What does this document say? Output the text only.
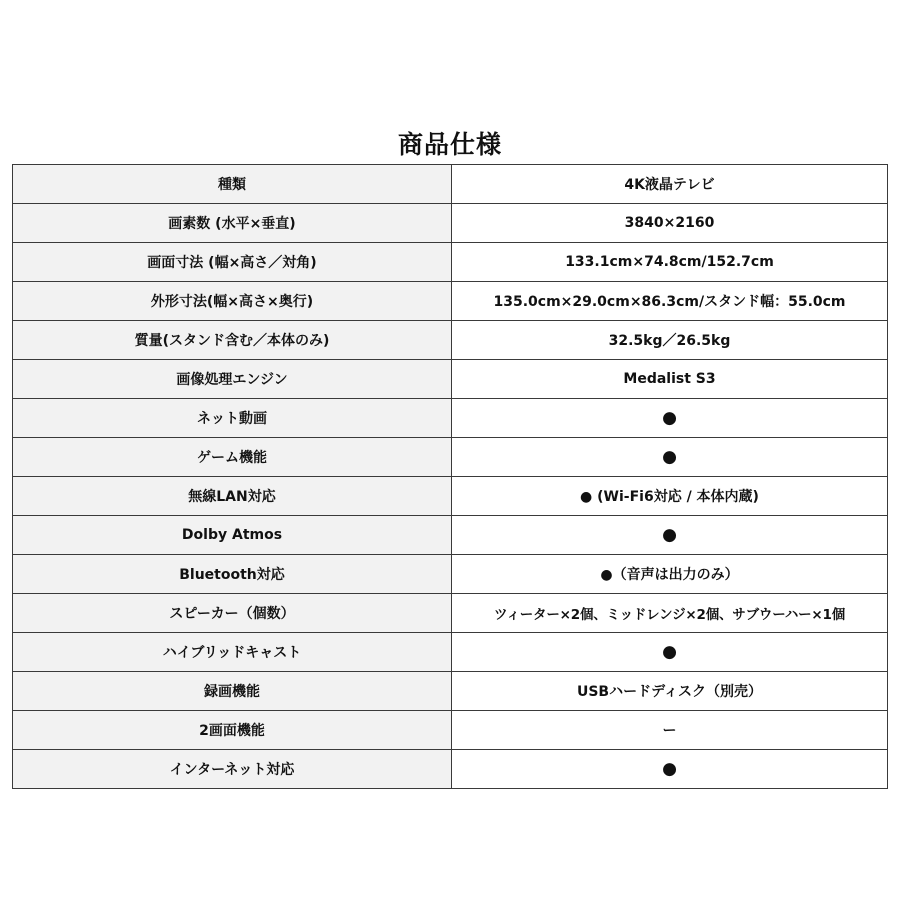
商品仕様
種類	4K液晶テレビ
画素数 (水平×垂直)	3840×2160
画面寸法 (幅×高さ／対角)	133.1cm×74.8cm/152.7cm
外形寸法(幅×高さ×奥行)	135.0cm×29.0cm×86.3cm/スタンド幅：55.0cm
質量(スタンド含む／本体のみ)	32.5kg／26.5kg
画像処理エンジン	Medalist S3
ネット動画	●
ゲーム機能	●
無線LAN対応	● (Wi-Fi6対応 / 本体内蔵)
Dolby Atmos	●
Bluetooth対応	●（音声は出力のみ）
スピーカー（個数）	ツィーター×2個、ミッドレンジ×2個、サブウーハー×1個
ハイブリッドキャスト	●
録画機能	USBハードディスク（別売）
2画面機能	ー
インターネット対応	●
